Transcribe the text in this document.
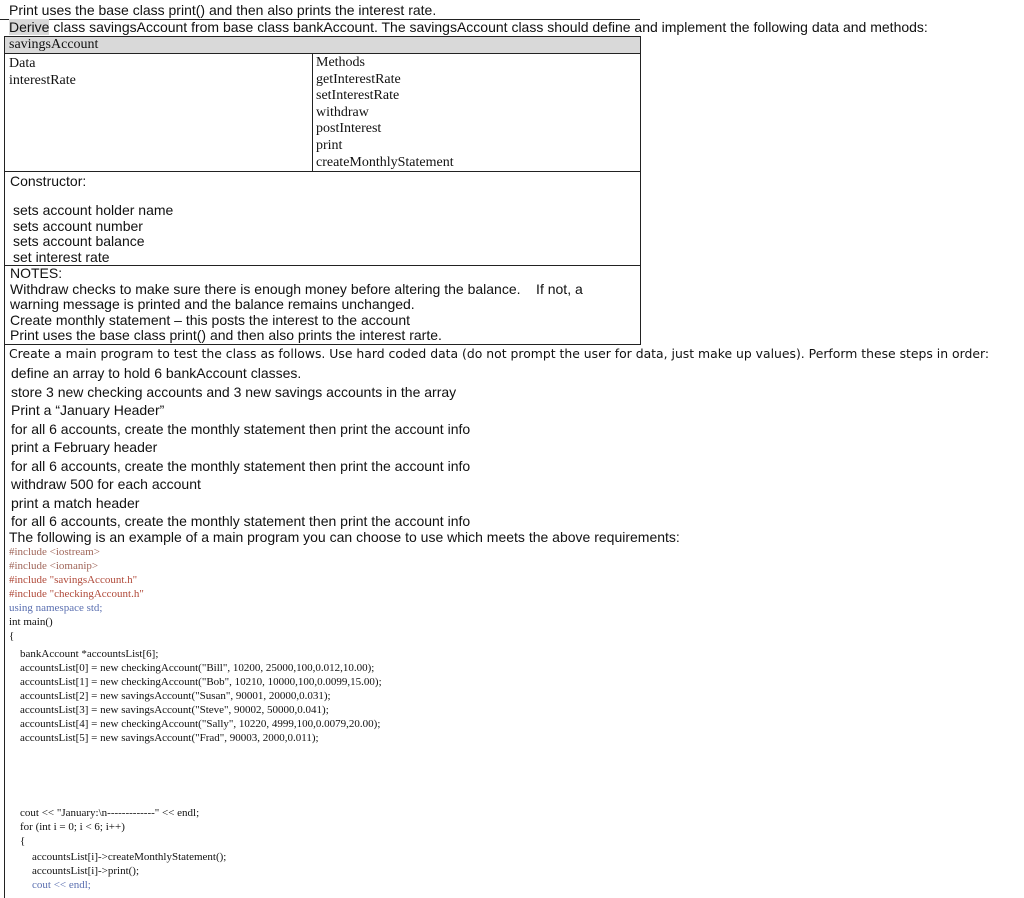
Print uses the base class print() and then also prints the interest rate.
Derive class savingsAccount from base class bankAccount. The savingsAccount class should define and implement the following data and methods:
savingsAccount
Data
interestRate
Methods
getInterestRate
setInterestRate
withdraw
postInterest
print
createMonthlyStatement
Constructor:
sets account holder name
sets account number
sets account balance
set interest rate
NOTES:
Withdraw checks to make sure there is enough money before altering the balance.    If not, a
warning message is printed and the balance remains unchanged.
Create monthly statement – this posts the interest to the account
Print uses the base class print() and then also prints the interest rarte.
Create a main program to test the class as follows. Use hard coded data (do not prompt the user for data, just make up values). Perform these steps in order:
define an array to hold 6 bankAccount classes.
store 3 new checking accounts and 3 new savings accounts in the array
Print a “January Header”
for all 6 accounts, create the monthly statement then print the account info
print a February header
for all 6 accounts, create the monthly statement then print the account info
withdraw 500 for each account
print a match header
for all 6 accounts, create the monthly statement then print the account info
The following is an example of a main program you can choose to use which meets the above requirements:
#include <iostream>
#include <iomanip>
#include "savingsAccount.h"
#include "checkingAccount.h"
using namespace std;
int main()
{
bankAccount *accountsList[6];
accountsList[0] = new checkingAccount("Bill", 10200, 25000,100,0.012,10.00);
accountsList[1] = new checkingAccount("Bob", 10210, 10000,100,0.0099,15.00);
accountsList[2] = new savingsAccount("Susan", 90001, 20000,0.031);
accountsList[3] = new savingsAccount("Steve", 90002, 50000,0.041);
accountsList[4] = new checkingAccount("Sally", 10220, 4999,100,0.0079,20.00);
accountsList[5] = new savingsAccount("Frad", 90003, 2000,0.011);
cout << "January:\n-------------" << endl;
for (int i = 0; i < 6; i++)
{
accountsList[i]->createMonthlyStatement();
accountsList[i]->print();
cout << endl;
